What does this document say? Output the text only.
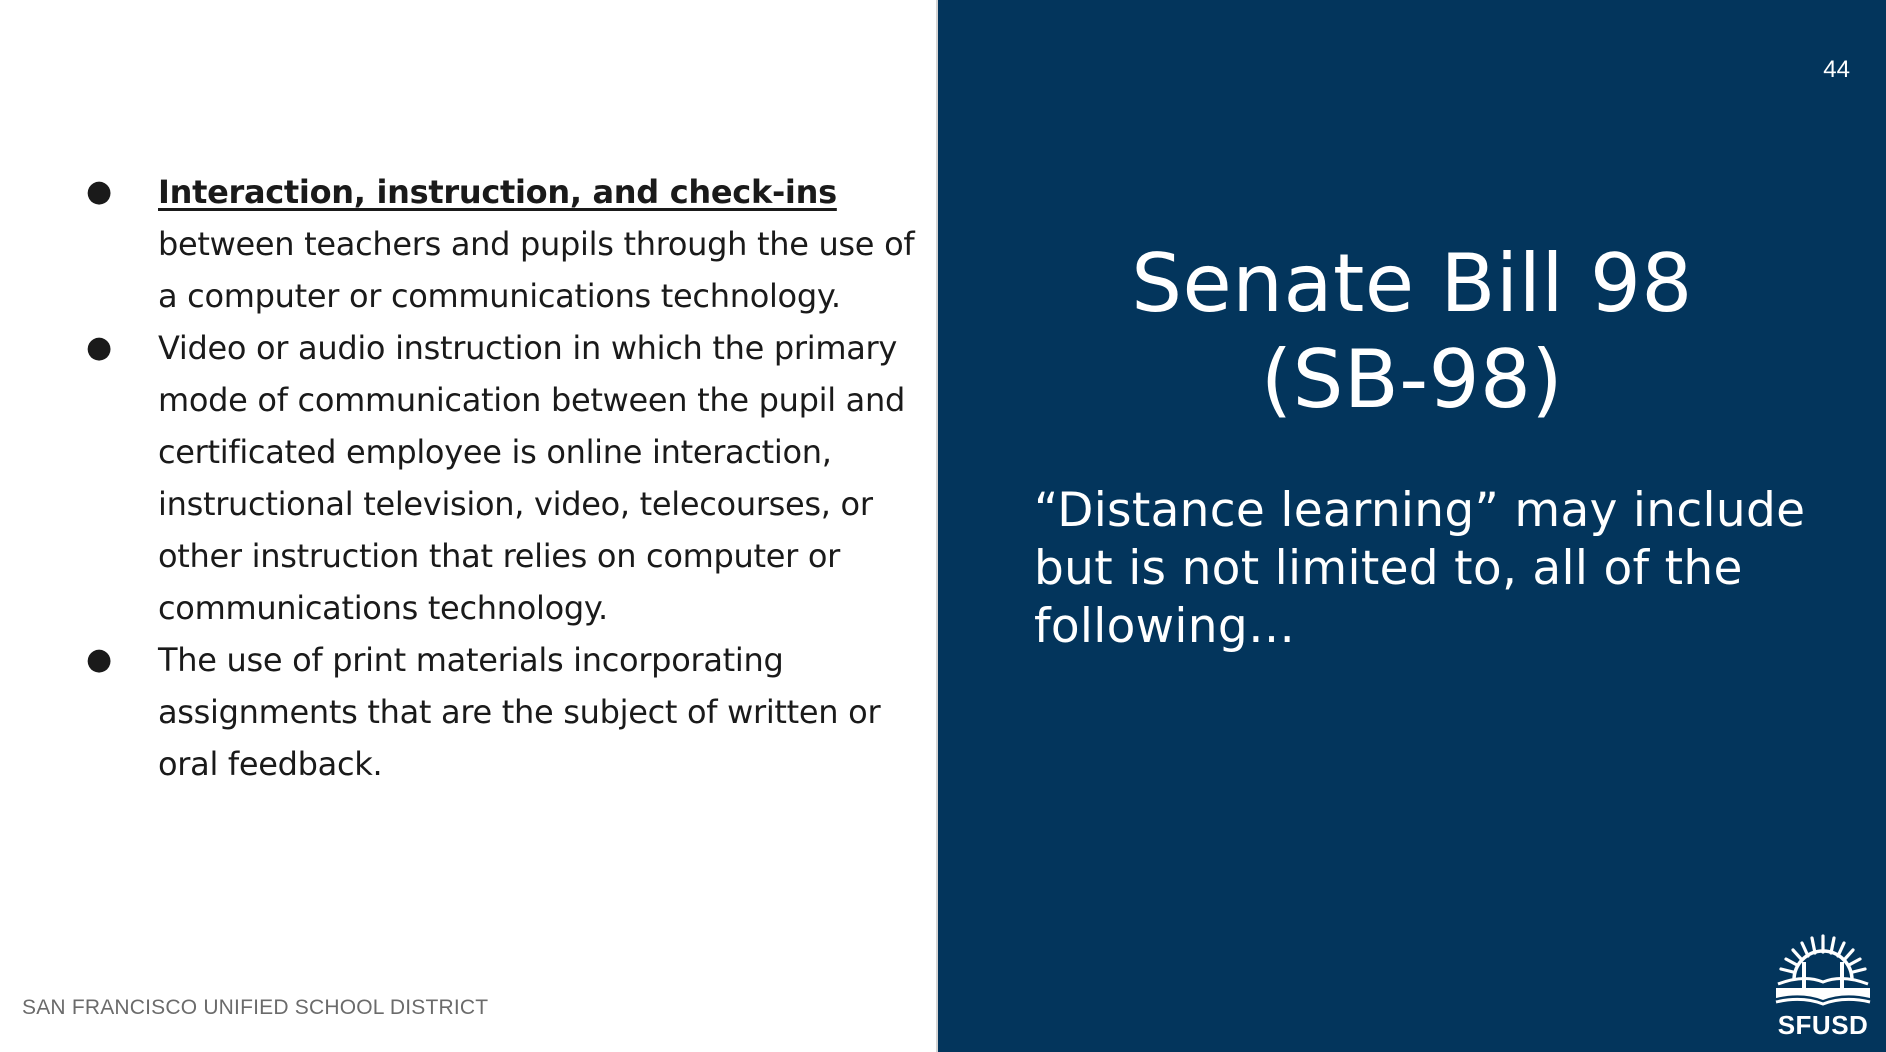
●	Interaction, instruction, and check-ins
between teachers and pupils through the use of a computer or communications technology.
●	Video or audio instruction in which the primary mode of communication between the pupil and certificated employee is online interaction, instructional television, video, telecourses, or other instruction that relies on computer or communications technology.
●	The use of print materials incorporating assignments that are the subject of written or oral feedback.
SAN FRANCISCO UNIFIED SCHOOL DISTRICT
44
Senate Bill 98
(SB-98)

“Distance learning” may include but is not limited to, all of the following…

SFUSD
